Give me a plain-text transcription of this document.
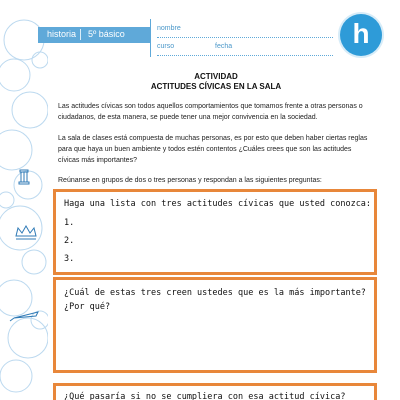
historia 5º básico
nombre
curso	fecha	h
ACTIVIDAD
ACTITUDES CÍVICAS EN LA SALA
Las actitudes cívicas son todos aquellos comportamientos que tomamos frente a otras personas o
ciudadanos, de esta manera, se puede tener una mejor convivencia en la sociedad.
La sala de clases está compuesta de muchas personas, es por esto que deben haber ciertas reglas
para que haya un buen ambiente y todos estén contentos ¿Cuáles crees que son las actitudes
cívicas más importantes?
Reúnanse en grupos de dos o tres personas y respondan a las siguientes preguntas:
Haga una lista con tres actitudes cívicas que usted conozca:
1.
2.
3.
¿Cuál de estas tres creen ustedes que es la más importante?
¿Por qué?
¿Qué pasaría si no se cumpliera con esa actitud cívica?
